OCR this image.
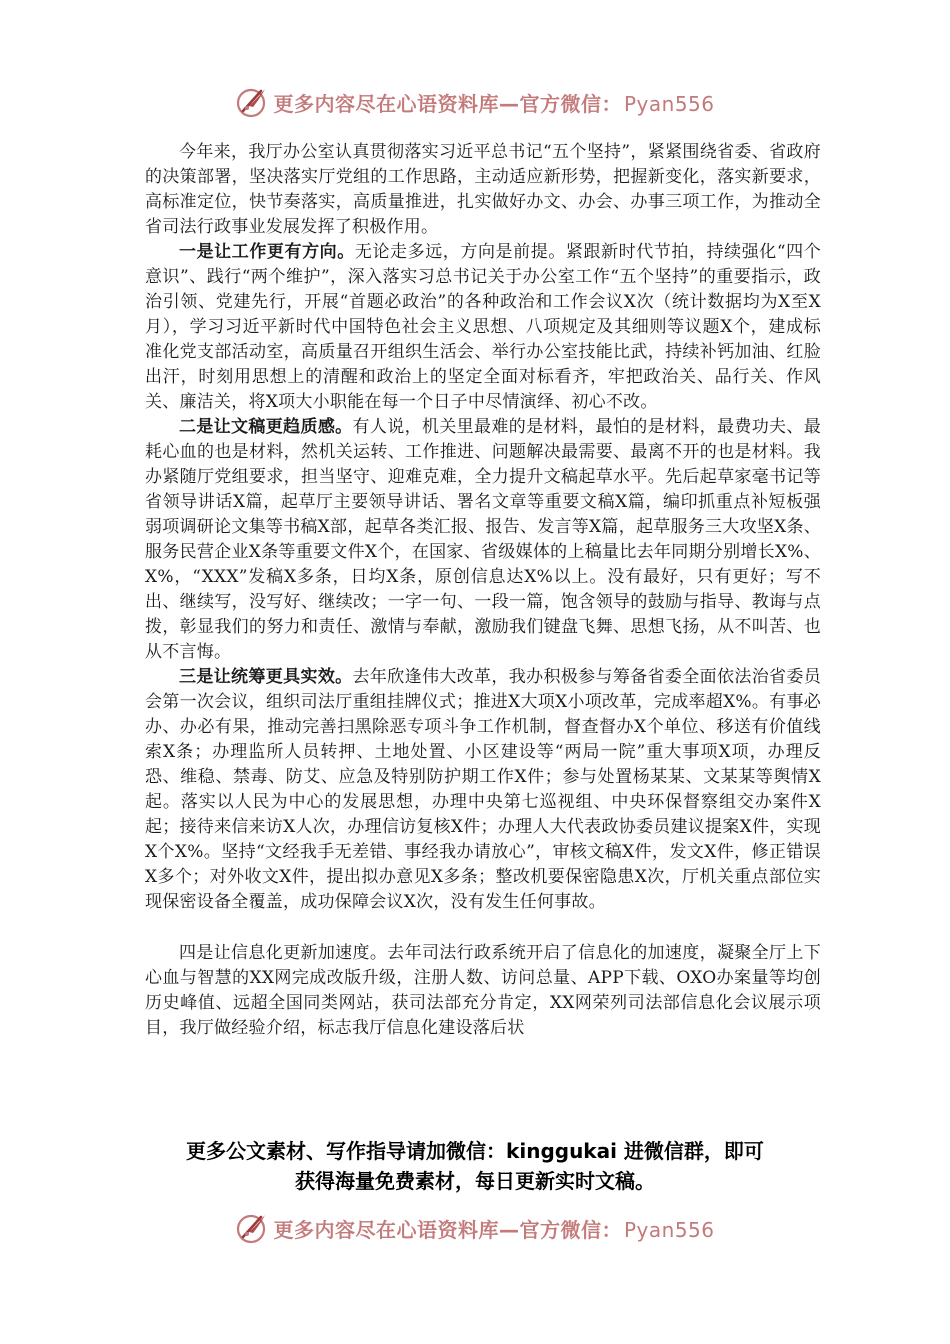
更多内容尽在心语资料库—官方微信： Pyan556

今年来，我厅办公室认真贯彻落实习近平总书记“五个坚持”，紧紧围绕省委、省政府的决策部署，坚决落实厅党组的工作思路，主动适应新形势，把握新变化，落实新要求，高标准定位，快节奏落实，高质量推进，扎实做好办文、办会、办事三项工作，为推动全省司法行政事业发展发挥了积极作用。

一是让工作更有方向。无论走多远，方向是前提。紧跟新时代节拍，持续强化“四个意识”、践行“两个维护”，深入落实习总书记关于办公室工作“五个坚持”的重要指示，政治引领、党建先行，开展“首题必政治”的各种政治和工作会议X次（统计数据均为X至X月），学习习近平新时代中国特色社会主义思想、八项规定及其细则等议题X个，建成标准化党支部活动室，高质量召开组织生活会、举行办公室技能比武，持续补钙加油、红脸出汗，时刻用思想上的清醒和政治上的坚定全面对标看齐，牢把政治关、品行关、作风关、廉洁关，将X项大小职能在每一个日子中尽情演绎、初心不改。

二是让文稿更趋质感。有人说，机关里最难的是材料，最怕的是材料，最费功夫、最耗心血的也是材料，然机关运转、工作推进、问题解决最需要、最离不开的也是材料。我办紧随厅党组要求，担当坚守、迎难克难，全力提升文稿起草水平。先后起草家毫书记等省领导讲话X篇，起草厅主要领导讲话、署名文章等重要文稿X篇，编印抓重点补短板强弱项调研论文集等书稿X部，起草各类汇报、报告、发言等X篇，起草服务三大攻坚X条、服务民营企业X条等重要文件X个，在国家、省级媒体的上稿量比去年同期分别增长X%、X%，“XXX”发稿X多条，日均X条，原创信息达X%以上。没有最好，只有更好；写不出、继续写，没写好、继续改；一字一句、一段一篇，饱含领导的鼓励与指导、教诲与点拨，彰显我们的努力和责任、激情与奉献，激励我们键盘飞舞、思想飞扬，从不叫苦、也从不言悔。

三是让统筹更具实效。去年欣逢伟大改革，我办积极参与筹备省委全面依法治省委员会第一次会议，组织司法厅重组挂牌仪式；推进X大项X小项改革，完成率超X%。有事必办、办必有果，推动完善扫黑除恶专项斗争工作机制，督查督办X个单位、移送有价值线索X条；办理监所人员转押、土地处置、小区建设等“两局一院”重大事项X项，办理反恐、维稳、禁毒、防艾、应急及特别防护期工作X件；参与处置杨某某、文某某等舆情X起。落实以人民为中心的发展思想，办理中央第七巡视组、中央环保督察组交办案件X起；接待来信来访X人次，办理信访复核X件；办理人大代表政协委员建议提案X件，实现X个X%。坚持“文经我手无差错、事经我办请放心”，审核文稿X件，发文X件，修正错误X多个；对外收文X件，提出拟办意见X多条；整改机要保密隐患X次，厅机关重点部位实现保密设备全覆盖，成功保障会议X次，没有发生任何事故。

四是让信息化更新加速度。去年司法行政系统开启了信息化的加速度，凝聚全厅上下心血与智慧的XX网完成改版升级，注册人数、访问总量、APP下载、OXO办案量等均创历史峰值、远超全国同类网站，获司法部充分肯定，XX网荣列司法部信息化会议展示项目，我厅做经验介绍，标志我厅信息化建设落后状

更多公文素材、写作指导请加微信：kinggukai 进微信群，即可
获得海量免费素材，每日更新实时文稿。
更多内容尽在心语资料库—官方微信： Pyan556
